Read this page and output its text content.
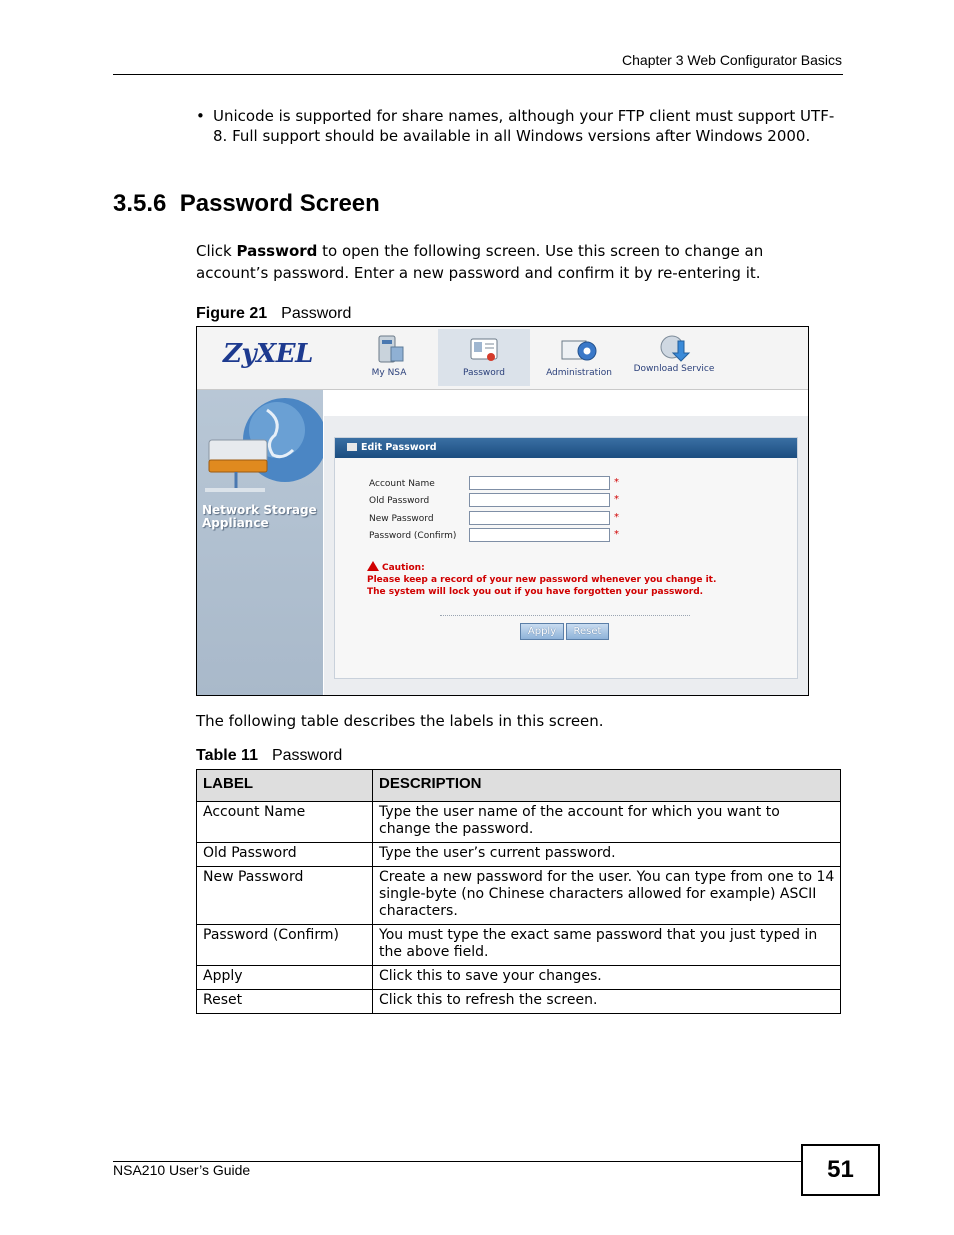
Chapter 3 Web Configurator Basics
• Unicode is supported for share names, although your FTP client must support UTF-8. Full support should be available in all Windows versions after Windows 2000.
3.5.6  Password Screen
Click Password to open the following screen. Use this screen to change an account’s password. Enter a new password and confirm it by re-entering it.
Figure 21 Password
ZyXEL
My NSA	Password	Administration	Download Service
Network Storage Appliance
Edit Password
Account Name	*
Old Password	*
New Password	*
Password (Confirm)	*
Caution:
Please keep a record of your new password whenever you change it.
The system will lock you out if you have forgotten your password.
Apply	Reset
The following table describes the labels in this screen.
Table 11 Password
LABEL	DESCRIPTION
Account Name	Type the user name of the account for which you want to change the password.
Old Password	Type the user’s current password.
New Password	Create a new password for the user. You can type from one to 14 single-byte (no Chinese characters allowed for example) ASCII characters.
Password (Confirm)	You must type the exact same password that you just typed in the above field.
Apply	Click this to save your changes.
Reset	Click this to refresh the screen.
NSA210 User’s Guide	51
